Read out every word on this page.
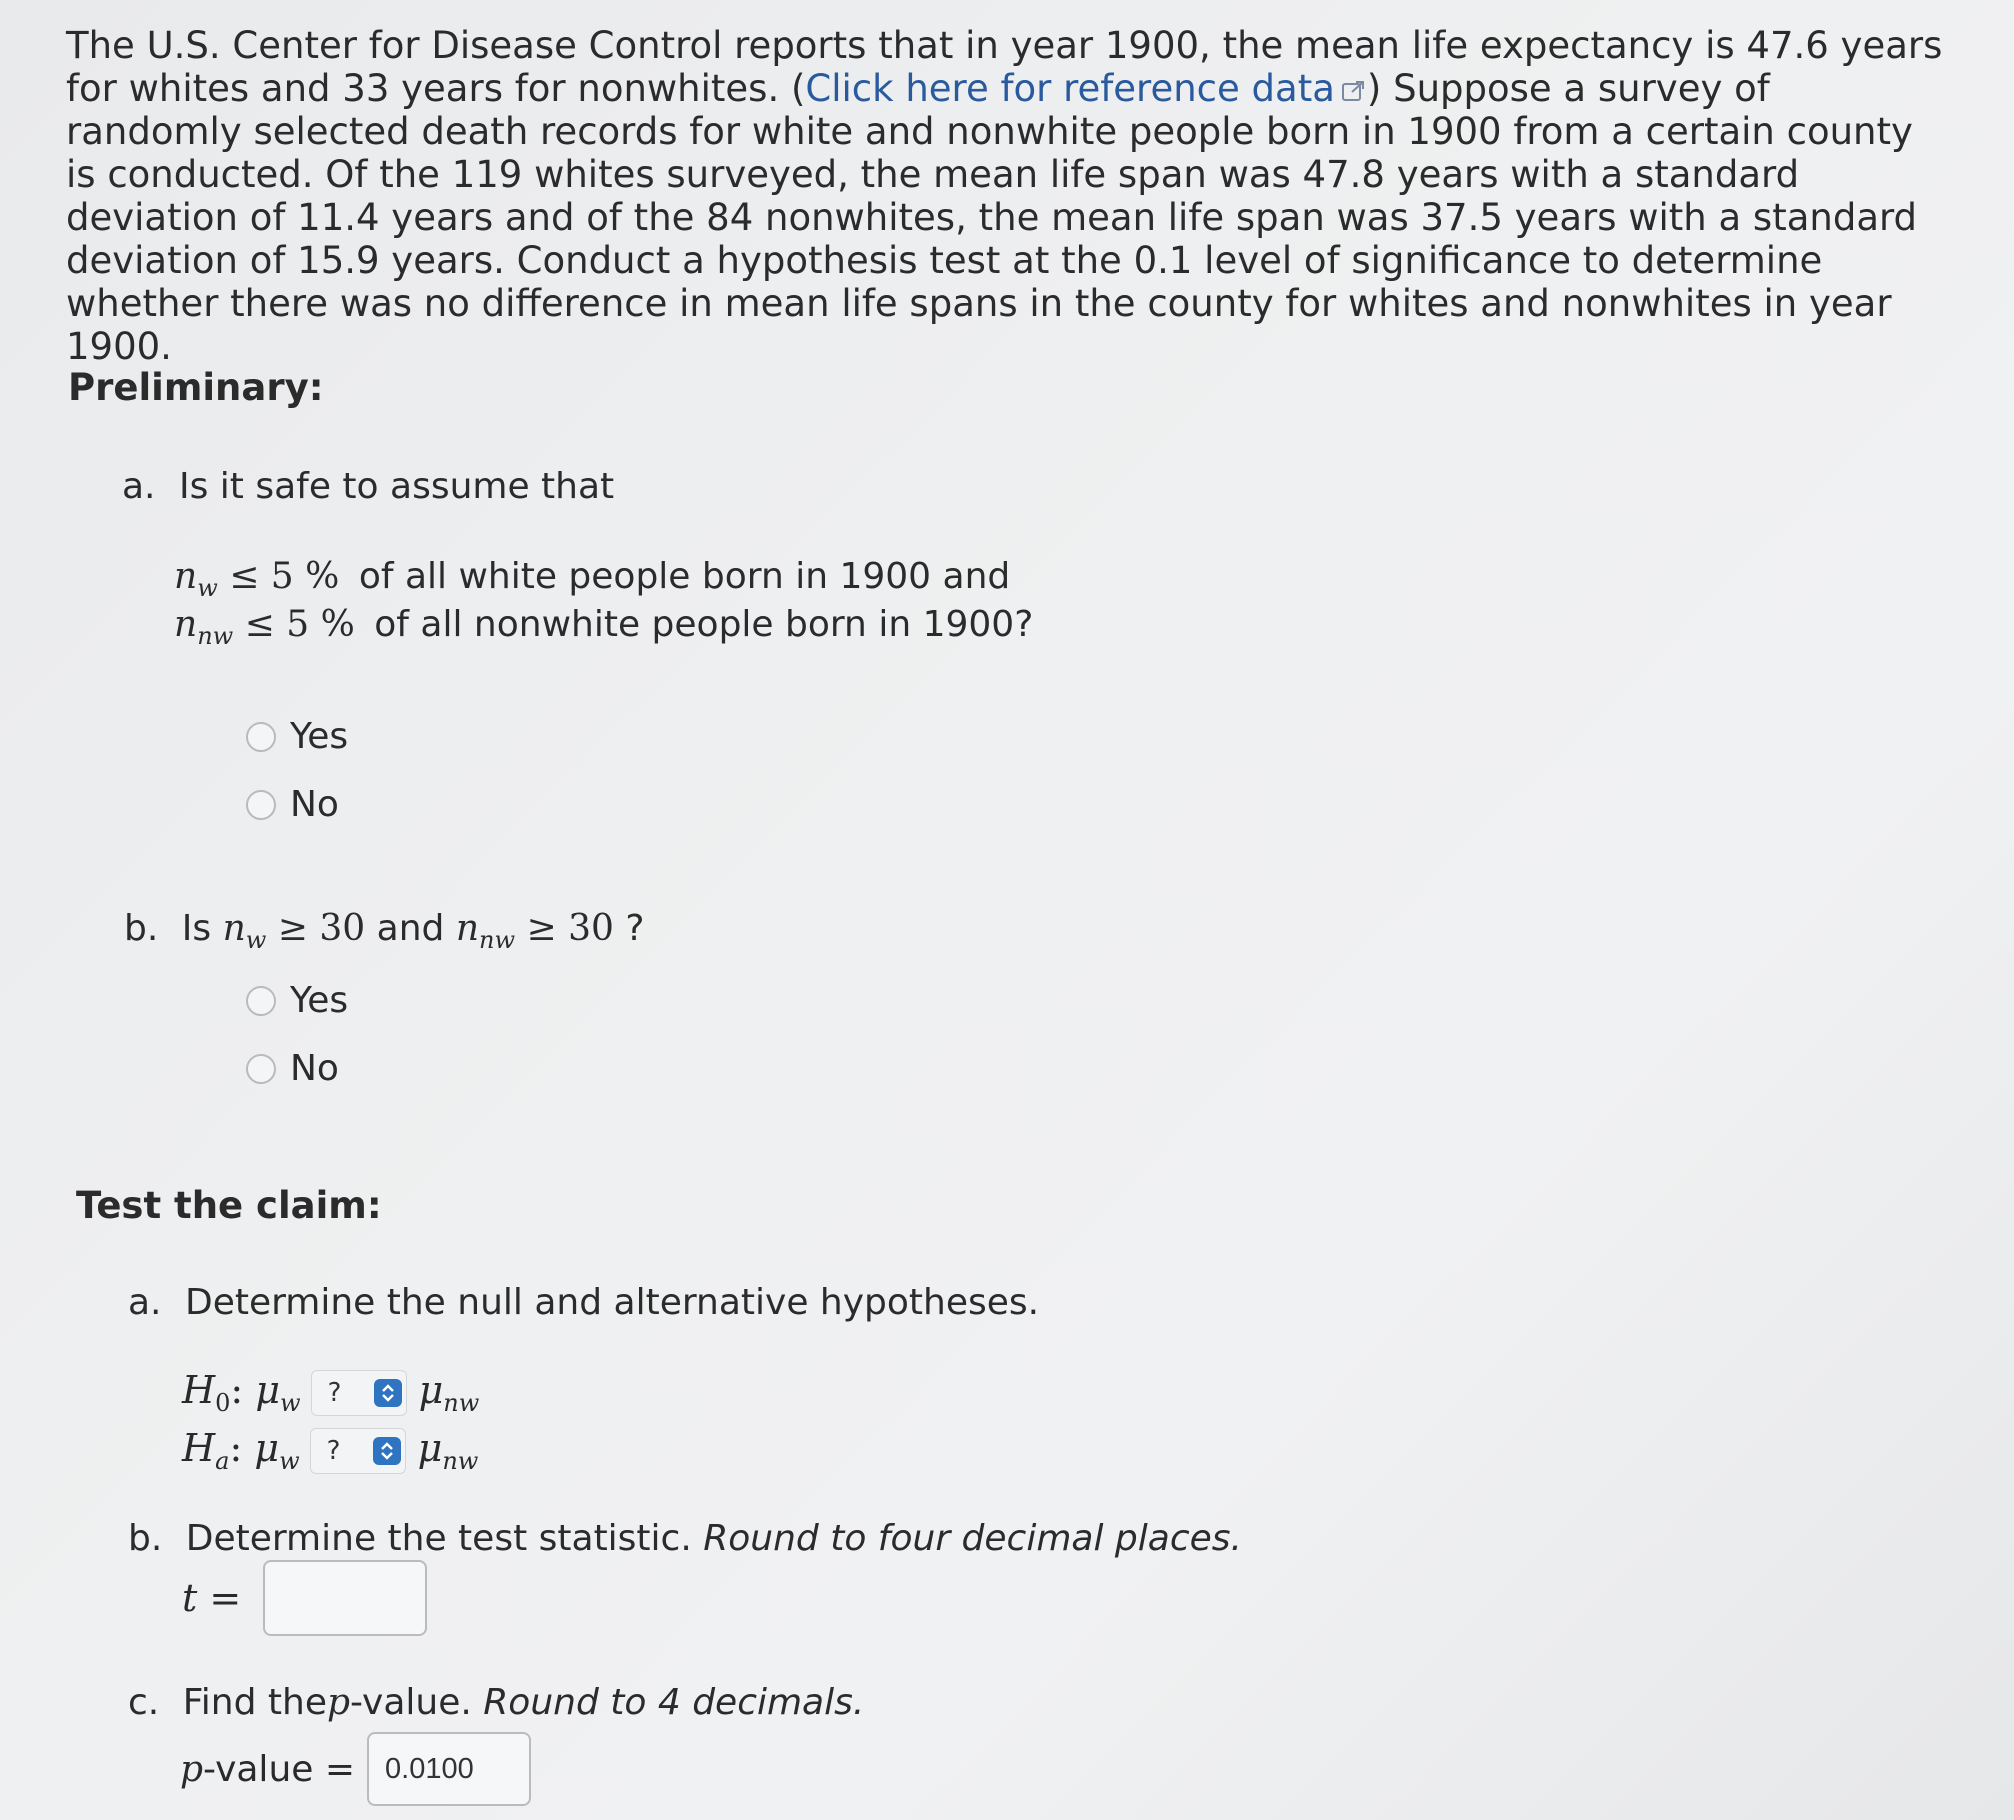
The U.S. Center for Disease Control reports that in year 1900, the mean life expectancy is 47.6 years for whites and 33 years for nonwhites. (Click here for reference data ) Suppose a survey of randomly selected death records for white and nonwhite people born in 1900 from a certain county is conducted. Of the 119 whites surveyed, the mean life span was 47.8 years with a standard deviation of 11.4 years and of the 84 nonwhites, the mean life span was 37.5 years with a standard deviation of 15.9 years. Conduct a hypothesis test at the 0.1 level of significance to determine whether there was no difference in mean life spans in the county for whites and nonwhites in year 1900.
Preliminary:
a. Is it safe to assume that
$n_w \le 5$ % of all white people born in 1900 and
$n_{nw} \le 5$ % of all nonwhite people born in 1900?
Yes
No
b. Is $n_w \ge 30$ and $n_{nw} \ge 30$ ?
Yes
No
Test the claim:
a. Determine the null and alternative hypotheses.
$H_0$: $\mu_w$ ? $\mu_{nw}$
$H_a$: $\mu_w$ ? $\mu_{nw}$
b. Determine the test statistic. Round to four decimal places.
t =
c. Find thep-value. Round to 4 decimals.
p-value =	0.0100
